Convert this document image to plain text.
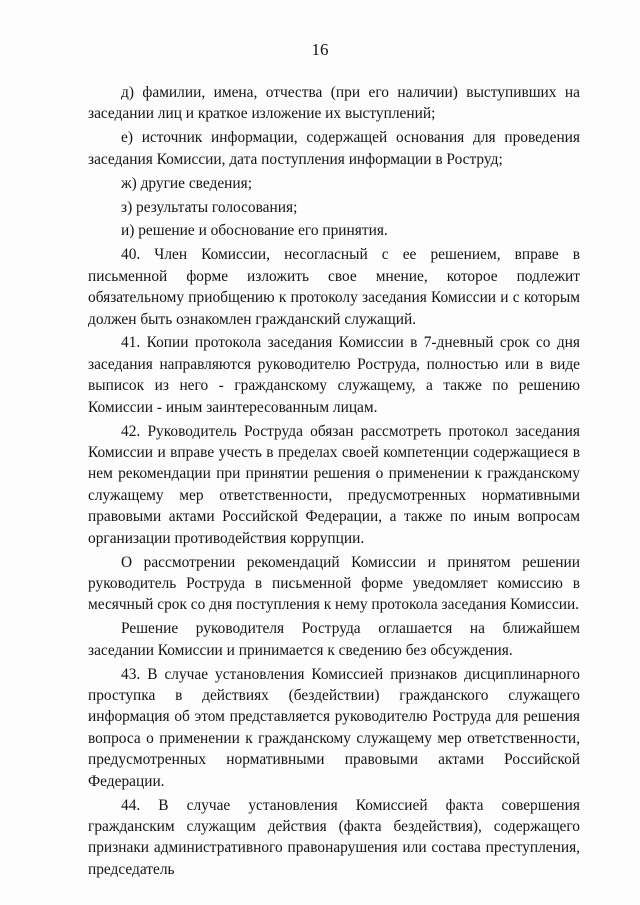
16

д) фамилии, имена, отчества (при его наличии) выступивших на заседании лиц и краткое изложение их выступлений;

е) источник информации, содержащей основания для проведения заседания Комиссии, дата поступления информации в Роструд;

ж) другие сведения;

з) результаты голосования;

и) решение и обоснование его принятия.

40. Член Комиссии, несогласный с ее решением, вправе в письменной форме изложить свое мнение, которое подлежит обязательному приобщению к протоколу заседания Комиссии и с которым должен быть ознакомлен гражданский служащий.

41. Копии протокола заседания Комиссии в 7-дневный срок со дня заседания направляются руководителю Роструда, полностью или в виде выписок из него - гражданскому служащему, а также по решению Комиссии - иным заинтересованным лицам.

42. Руководитель Роструда обязан рассмотреть протокол заседания Комиссии и вправе учесть в пределах своей компетенции содержащиеся в нем рекомендации при принятии решения о применении к гражданскому служащему мер ответственности, предусмотренных нормативными правовыми актами Российской Федерации, а также по иным вопросам организации противодействия коррупции.

О рассмотрении рекомендаций Комиссии и принятом решении руководитель Роструда в письменной форме уведомляет комиссию в месячный срок со дня поступления к нему протокола заседания Комиссии.

Решение руководителя Роструда оглашается на ближайшем заседании Комиссии и принимается к сведению без обсуждения.

43. В случае установления Комиссией признаков дисциплинарного проступка в действиях (бездействии) гражданского служащего информация об этом представляется руководителю Роструда для решения вопроса о применении к гражданскому служащему мер ответственности, предусмотренных нормативными правовыми актами Российской Федерации.

44. В случае установления Комиссией факта совершения гражданским служащим действия (факта бездействия), содержащего признаки административного правонарушения или состава преступления, председатель
